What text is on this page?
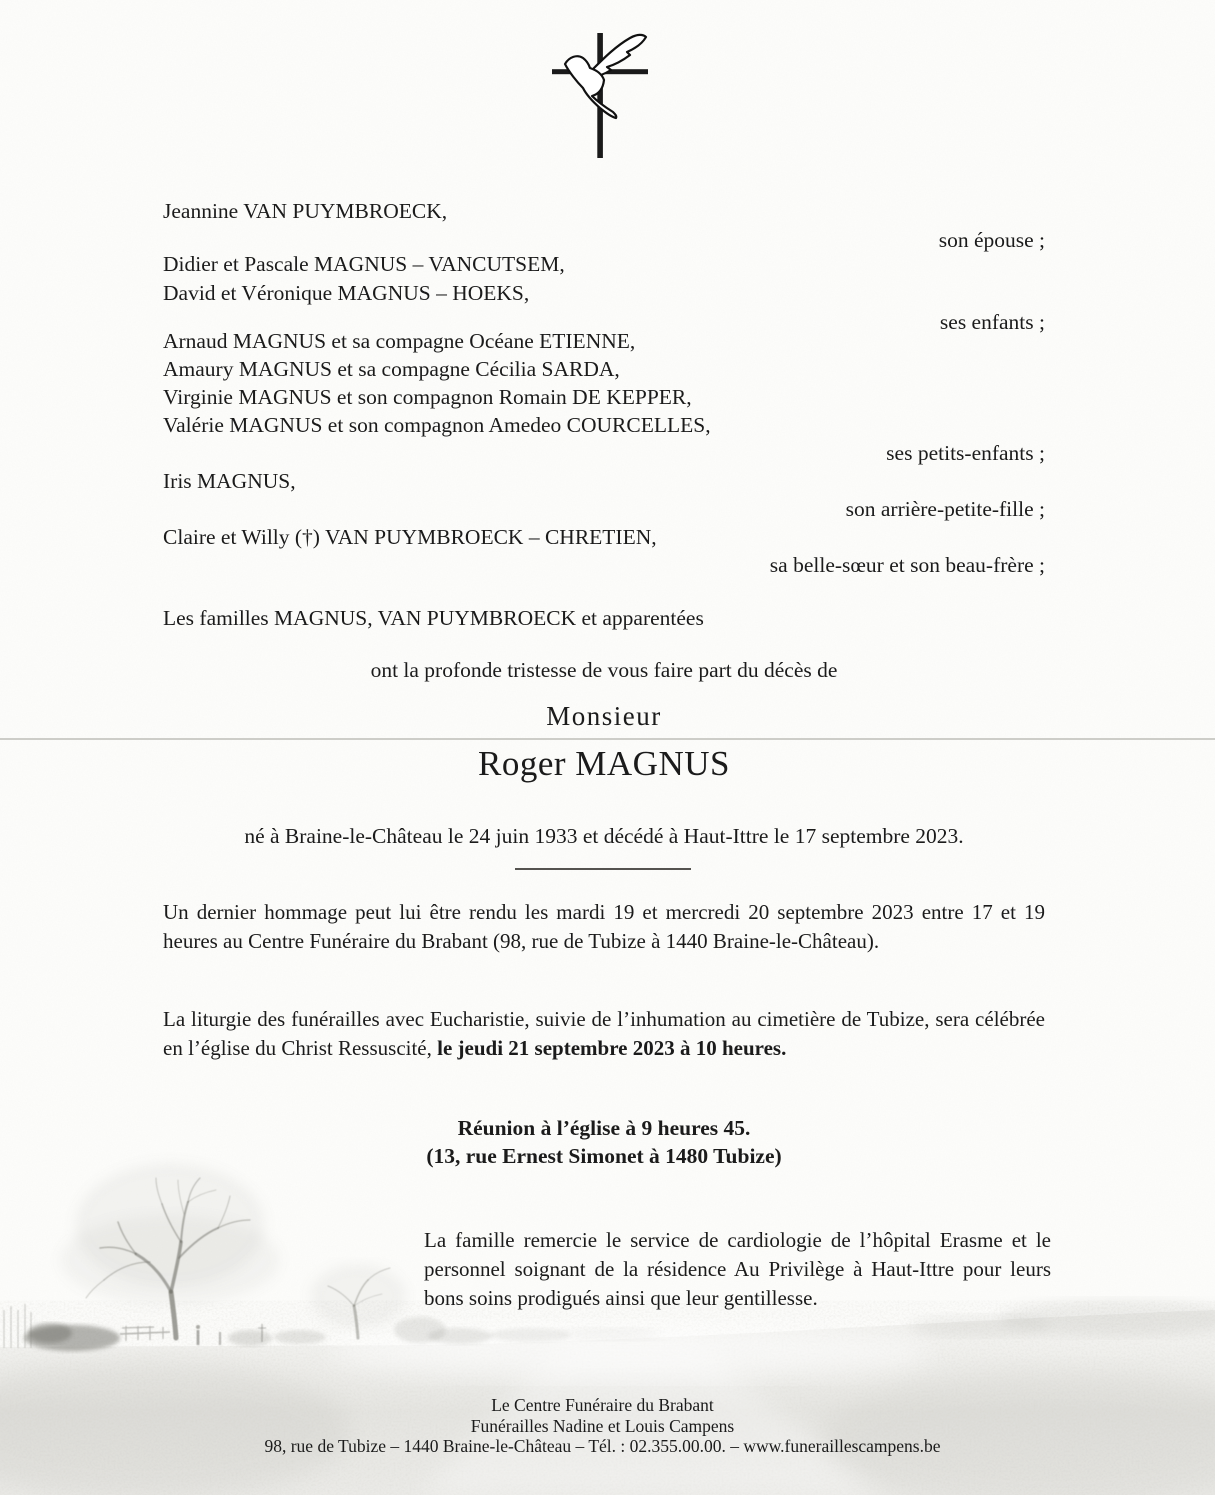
Jeannine VAN PUYMBROECK,
son épouse ;
Didier et Pascale MAGNUS – VANCUTSEM,
David et Véronique MAGNUS – HOEKS,
ses enfants ;
Arnaud MAGNUS et sa compagne Océane ETIENNE,
Amaury MAGNUS et sa compagne Cécilia SARDA,
Virginie MAGNUS et son compagnon Romain DE KEPPER,
Valérie MAGNUS et son compagnon Amedeo COURCELLES,
ses petits-enfants ;
Iris MAGNUS,
son arrière-petite-fille ;
Claire et Willy (†) VAN PUYMBROECK – CHRETIEN,
sa belle-sœur et son beau-frère ;
Les familles MAGNUS, VAN PUYMBROECK et apparentées
ont la profonde tristesse de vous faire part du décès de
Monsieur
Roger MAGNUS
né à Braine-le-Château le 24 juin 1933 et décédé à Haut-Ittre le 17 septembre 2023.
Un dernier hommage peut lui être rendu les mardi 19 et mercredi 20 septembre 2023 entre 17 et 19 heures au Centre Funéraire du Brabant (98, rue de Tubize à 1440 Braine-le-Château).
La liturgie des funérailles avec Eucharistie, suivie de l’inhumation au cimetière de Tubize, sera célébrée en l’église du Christ Ressuscité, le jeudi 21 septembre 2023 à 10 heures.
Réunion à l’église à 9 heures 45.
(13, rue Ernest Simonet à 1480 Tubize)
La famille remercie le service de cardiologie de l’hôpital Erasme et le personnel soignant de la résidence Au Privilège à Haut-Ittre pour leurs bons soins prodigués ainsi que leur gentillesse.
Le Centre Funéraire du Brabant
Funérailles Nadine et Louis Campens
98, rue de Tubize – 1440 Braine-le-Château – Tél. : 02.355.00.00. – www.funeraillescampens.be
